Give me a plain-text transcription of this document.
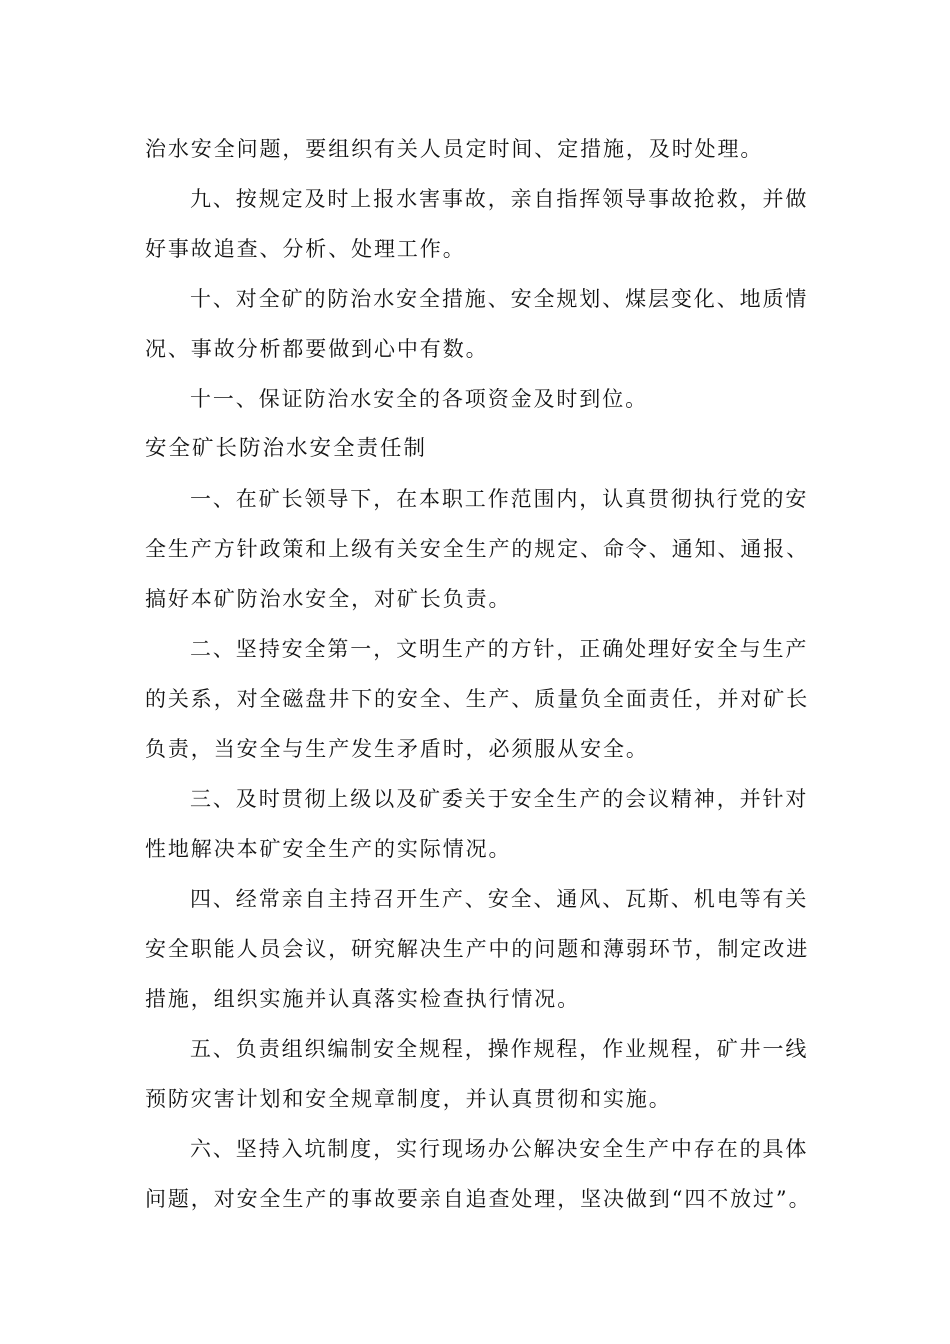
治水安全问题，要组织有关人员定时间、定措施，及时处理。
九、按规定及时上报水害事故，亲自指挥领导事故抢救，并做
好事故追查、分析、处理工作。
十、对全矿的防治水安全措施、安全规划、煤层变化、地质情
况、事故分析都要做到心中有数。
十一、保证防治水安全的各项资金及时到位。
安全矿长防治水安全责任制
一、在矿长领导下，在本职工作范围内，认真贯彻执行党的安
全生产方针政策和上级有关安全生产的规定、命令、通知、通报、
搞好本矿防治水安全，对矿长负责。
二、坚持安全第一，文明生产的方针，正确处理好安全与生产
的关系，对全磁盘井下的安全、生产、质量负全面责任，并对矿长
负责，当安全与生产发生矛盾时，必须服从安全。
三、及时贯彻上级以及矿委关于安全生产的会议精神，并针对
性地解决本矿安全生产的实际情况。
四、经常亲自主持召开生产、安全、通风、瓦斯、机电等有关
安全职能人员会议，研究解决生产中的问题和薄弱环节，制定改进
措施，组织实施并认真落实检查执行情况。
五、负责组织编制安全规程，操作规程，作业规程，矿井一线
预防灾害计划和安全规章制度，并认真贯彻和实施。
六、坚持入坑制度，实行现场办公解决安全生产中存在的具体
问题，对安全生产的事故要亲自追查处理，坚决做到“四不放过”。
